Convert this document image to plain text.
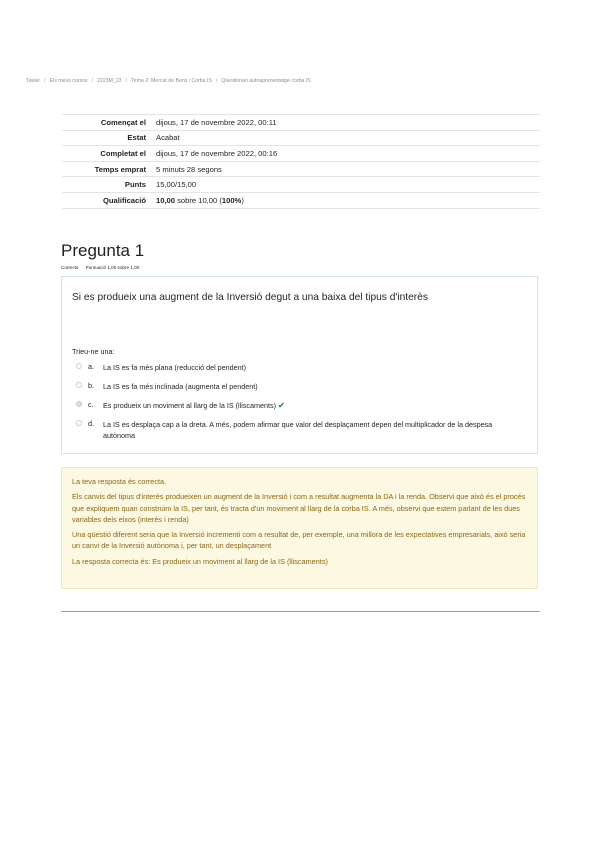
Tauler / Els meus cursos / 2223M_23 / Tema 2: Mercat de Bens i Corba IS / Qüestionari autoaprenentatge corba IS
Començat el	dijous, 17 de novembre 2022, 00:11
Estat	Acabat
Completat el	dijous, 17 de novembre 2022, 00:16
Temps emprat	5 minuts 28 segons
Punts	15,00/15,00
Qualificació	10,00 sobre 10,00 (100%)
Pregunta 1
Correcte Puntuació 1,00 sobre 1,00
Si es produeix una augment de la Inversió degut a una baixa del tipus d'interès
Trieu-ne una:
a.	La IS es fa més plana (reducció del pendent)
b.	La IS es fa més inclinada (augmenta el pendent)
c.	Es produeix un moviment al llarg de la IS (lliscaments) ✔
d.	La IS es desplaça cap a la dreta. A més, podem afirmar que valor del desplaçament depen del multiplicador de la despesa autònoma

La teva resposta és correcta.

Els canvis del tipus d'interès produeixen un augment de la Inversió i com a resultat augmenta la DA i la renda. Observi que això és el procés que expliquem quan construim la IS, per tant, és tracta d'un moviment al llarg de la corba IS. A més, observi que estem parlant de les dues variables dels eixos (interès i renda)

Una qüestió diferent seria que la Inversió incrementi com a resultat de, per exemple, una millora de les expectatives empresarials, això seria un canvi de la Inversió autònoma i, per tant, un desplaçament

La resposta correcta és: Es produeix un moviment al llarg de la IS (lliscaments)
